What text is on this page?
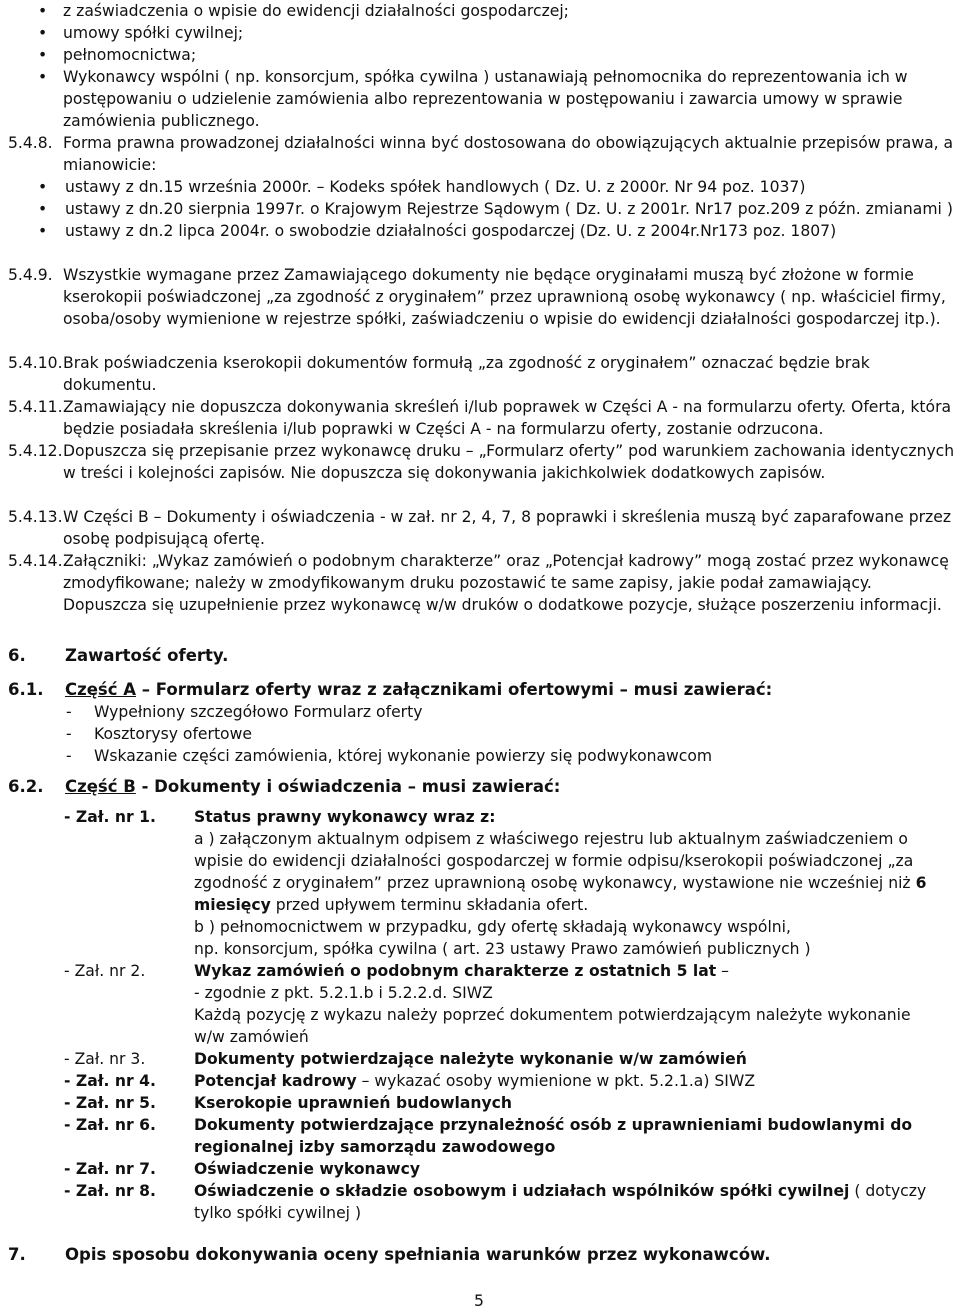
• z zaświadczenia o wpisie do ewidencji działalności gospodarczej;
• umowy spółki cywilnej;
• pełnomocnictwa;
• Wykonawcy wspólni ( np. konsorcjum, spółka cywilna ) ustanawiają pełnomocnika do reprezentowania ich w postępowaniu o udzielenie zamówienia albo reprezentowania w postępowaniu i zawarcia umowy w sprawie zamówienia publicznego.
5.4.8. Forma prawna prowadzonej działalności winna być dostosowana do obowiązujących aktualnie przepisów prawa, a mianowicie:
• ustawy z dn.15 września 2000r. – Kodeks spółek handlowych ( Dz. U. z 2000r. Nr 94 poz. 1037)
• ustawy z dn.20 sierpnia 1997r. o Krajowym Rejestrze Sądowym ( Dz. U. z 2001r. Nr17 poz.209 z późn. zmianami )
• ustawy z dn.2 lipca 2004r. o swobodzie działalności gospodarczej (Dz. U. z 2004r.Nr173 poz. 1807)
5.4.9. Wszystkie wymagane przez Zamawiającego dokumenty nie będące oryginałami muszą być złożone w formie kserokopii poświadczonej „za zgodność z oryginałem” przez uprawnioną osobę wykonawcy ( np. właściciel firmy, osoba/osoby wymienione w rejestrze spółki, zaświadczeniu o wpisie do ewidencji działalności gospodarczej itp.).
5.4.10. Brak poświadczenia kserokopii dokumentów formułą „za zgodność z oryginałem” oznaczać będzie brak dokumentu.
5.4.11. Zamawiający nie dopuszcza dokonywania skreśleń i/lub poprawek w Części A - na formularzu oferty. Oferta, która będzie posiadała skreślenia i/lub poprawki w Części A - na formularzu oferty, zostanie odrzucona.
5.4.12. Dopuszcza się przepisanie przez wykonawcę druku – „Formularz oferty” pod warunkiem zachowania identycznych w treści i kolejności zapisów. Nie dopuszcza się dokonywania jakichkolwiek dodatkowych zapisów.
5.4.13. W Części B – Dokumenty i oświadczenia - w zał. nr 2, 4, 7, 8 poprawki i skreślenia muszą być zaparafowane przez osobę podpisującą ofertę.
5.4.14. Załączniki: „Wykaz zamówień o podobnym charakterze” oraz „Potencjał kadrowy” mogą zostać przez wykonawcę zmodyfikowane; należy w zmodyfikowanym druku pozostawić te same zapisy, jakie podał zamawiający. Dopuszcza się uzupełnienie przez wykonawcę w/w druków o dodatkowe pozycje, służące poszerzeniu informacji.
6. Zawartość oferty.
6.1. Część A – Formularz oferty wraz z załącznikami ofertowymi – musi zawierać:
- Wypełniony szczegółowo Formularz oferty
- Kosztorysy ofertowe
- Wskazanie części zamówienia, której wykonanie powierzy się podwykonawcom
6.2. Część B - Dokumenty i oświadczenia – musi zawierać:
- Zał. nr 1. Status prawny wykonawcy wraz z:
a ) załączonym aktualnym odpisem z właściwego rejestru lub aktualnym zaświadczeniem o wpisie do ewidencji działalności gospodarczej w formie odpisu/kserokopii poświadczonej „za zgodność z oryginałem” przez uprawnioną osobę wykonawcy, wystawione nie wcześniej niż 6 miesięcy przed upływem terminu składania ofert.
b ) pełnomocnictwem w przypadku, gdy ofertę składają wykonawcy wspólni,
np. konsorcjum, spółka cywilna ( art. 23 ustawy Prawo zamówień publicznych )
- Zał. nr 2.	Wykaz zamówień o podobnym charakterze z ostatnich 5 lat –
- zgodnie z pkt. 5.2.1.b i 5.2.2.d. SIWZ
Każdą pozycję z wykazu należy poprzeć dokumentem potwierdzającym należyte wykonanie w/w zamówień
- Zał. nr 3.	Dokumenty potwierdzające należyte wykonanie w/w zamówień
- Zał. nr 4. Potencjał kadrowy – wykazać osoby wymienione w pkt. 5.2.1.a) SIWZ
- Zał. nr 5. Kserokopie uprawnień budowlanych
- Zał. nr 6. Dokumenty potwierdzające przynależność osób z uprawnieniami budowlanymi do regionalnej izby samorządu zawodowego
- Zał. nr 7. Oświadczenie wykonawcy
- Zał. nr 8. Oświadczenie o składzie osobowym i udziałach wspólników spółki cywilnej ( dotyczy tylko spółki cywilnej )
7. Opis sposobu dokonywania oceny spełniania warunków przez wykonawców.
5
